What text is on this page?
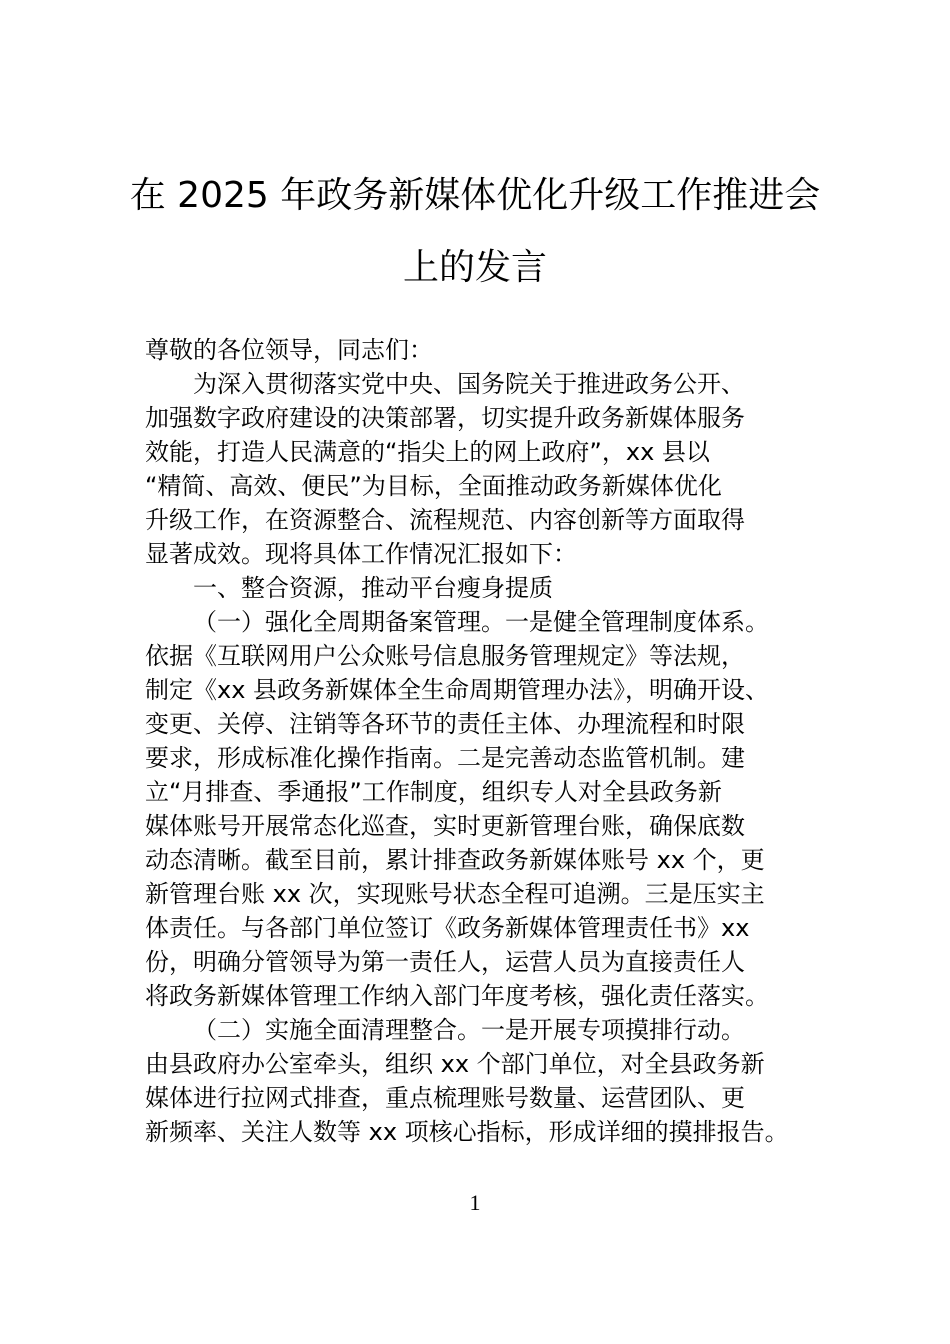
在 2025 年政务新媒体优化升级工作推进会
上的发言
尊敬的各位领导，同志们：
为深入贯彻落实党中央、国务院关于推进政务公开、
加强数字政府建设的决策部署，切实提升政务新媒体服务
效能，打造人民满意的“指尖上的网上政府”，xx 县以
“精简、高效、便民”为目标，全面推动政务新媒体优化
升级工作，在资源整合、流程规范、内容创新等方面取得
显著成效。现将具体工作情况汇报如下：
一、整合资源，推动平台瘦身提质
（一）强化全周期备案管理。一是健全管理制度体系。
依据《互联网用户公众账号信息服务管理规定》等法规，
制定《xx 县政务新媒体全生命周期管理办法》，明确开设、
变更、关停、注销等各环节的责任主体、办理流程和时限
要求，形成标准化操作指南。二是完善动态监管机制。建
立“月排查、季通报”工作制度，组织专人对全县政务新
媒体账号开展常态化巡查，实时更新管理台账，确保底数
动态清晰。截至目前，累计排查政务新媒体账号 xx 个，更
新管理台账 xx 次，实现账号状态全程可追溯。三是压实主
体责任。与各部门单位签订《政务新媒体管理责任书》xx
份，明确分管领导为第一责任人，运营人员为直接责任人
将政务新媒体管理工作纳入部门年度考核，强化责任落实。
（二）实施全面清理整合。一是开展专项摸排行动。
由县政府办公室牵头，组织 xx 个部门单位，对全县政务新
媒体进行拉网式排查，重点梳理账号数量、运营团队、更
新频率、关注人数等 xx 项核心指标，形成详细的摸排报告。
1
